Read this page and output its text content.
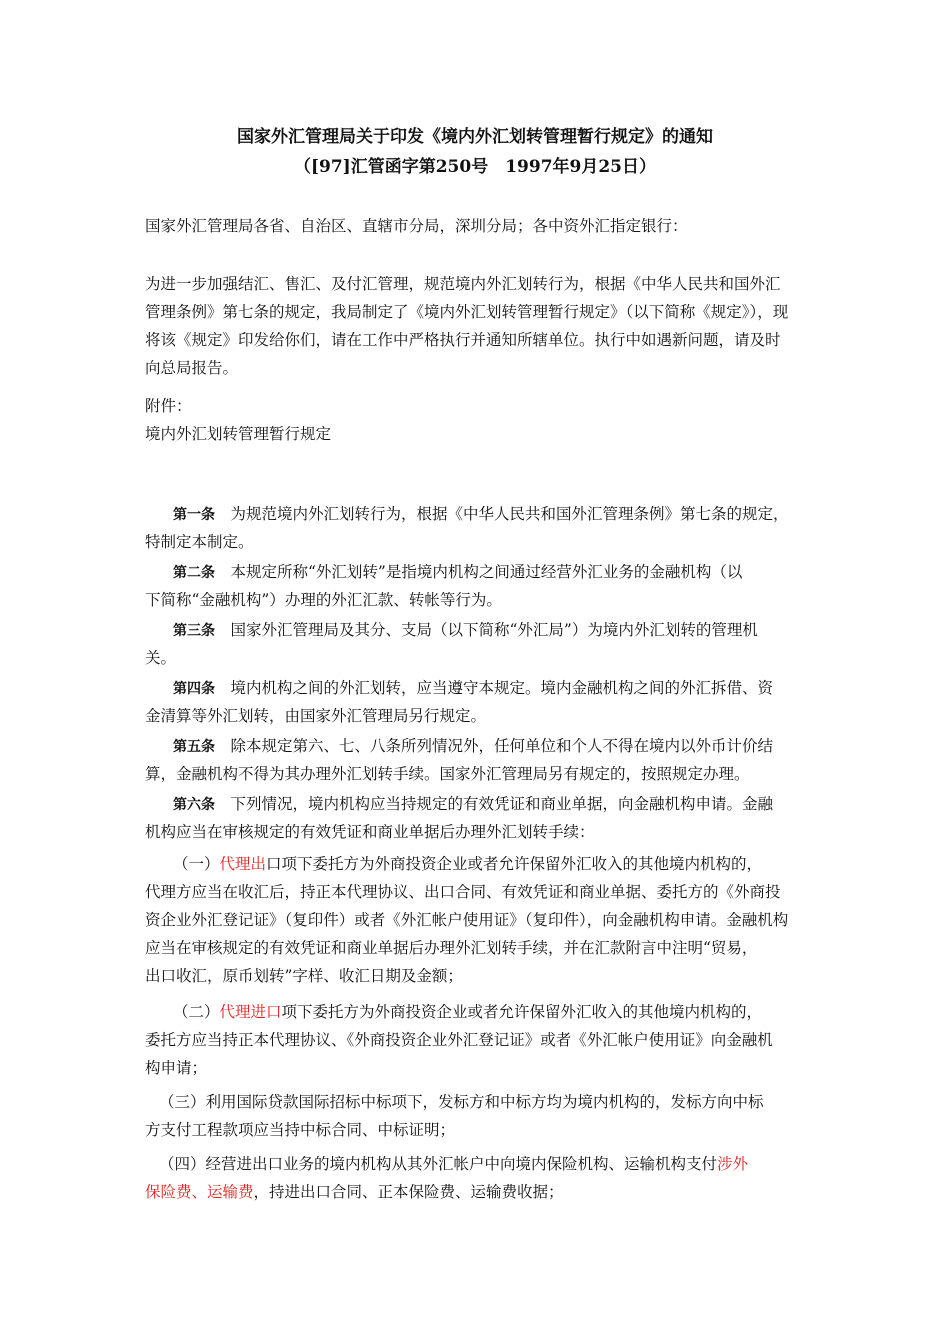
国家外汇管理局关于印发《境内外汇划转管理暂行规定》的通知
（[97]汇管函字第250号　1997年9月25日）
国家外汇管理局各省、自治区、直辖市分局，深圳分局；各中资外汇指定银行：
为进一步加强结汇、售汇、及付汇管理，规范境内外汇划转行为，根据《中华人民共和国外汇
管理条例》第七条的规定，我局制定了《境内外汇划转管理暂行规定》（以下简称《规定》），现
将该《规定》印发给你们，请在工作中严格执行并通知所辖单位。执行中如遇新问题，请及时
向总局报告。
附件：
境内外汇划转管理暂行规定
第一条　为规范境内外汇划转行为，根据《中华人民共和国外汇管理条例》第七条的规定，
特制定本制定。
第二条　本规定所称“外汇划转”是指境内机构之间通过经营外汇业务的金融机构（以
下简称“金融机构”）办理的外汇汇款、转帐等行为。
第三条　国家外汇管理局及其分、支局（以下简称“外汇局”）为境内外汇划转的管理机
关。
第四条　境内机构之间的外汇划转，应当遵守本规定。境内金融机构之间的外汇拆借、资
金清算等外汇划转，由国家外汇管理局另行规定。
第五条　除本规定第六、七、八条所列情况外，任何单位和个人不得在境内以外币计价结
算，金融机构不得为其办理外汇划转手续。国家外汇管理局另有规定的，按照规定办理。
第六条　下列情况，境内机构应当持规定的有效凭证和商业单据，向金融机构申请。金融
机构应当在审核规定的有效凭证和商业单据后办理外汇划转手续：
（一）代理出口项下委托方为外商投资企业或者允许保留外汇收入的其他境内机构的，
代理方应当在收汇后，持正本代理协议、出口合同、有效凭证和商业单据、委托方的《外商投
资企业外汇登记证》（复印件）或者《外汇帐户使用证》（复印件），向金融机构申请。金融机构
应当在审核规定的有效凭证和商业单据后办理外汇划转手续，并在汇款附言中注明“贸易，
出口收汇，原币划转”字样、收汇日期及金额；
（二）代理进口项下委托方为外商投资企业或者允许保留外汇收入的其他境内机构的，
委托方应当持正本代理协议、《外商投资企业外汇登记证》或者《外汇帐户使用证》向金融机
构申请；
（三）利用国际贷款国际招标中标项下，发标方和中标方均为境内机构的，发标方向中标
方支付工程款项应当持中标合同、中标证明；
（四）经营进出口业务的境内机构从其外汇帐户中向境内保险机构、运输机构支付涉外
保险费、运输费，持进出口合同、正本保险费、运输费收据；
